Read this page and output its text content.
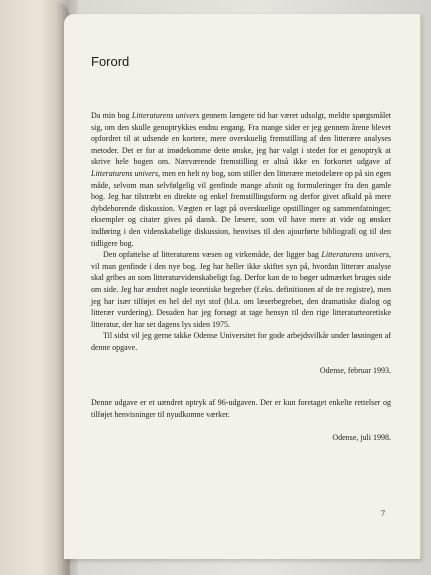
Forord

Da min bog Litteraturens univers gennem længere tid har været udsolgt, meldte spørgsmålet sig, om den skulle genoptrykkes endnu engang. Fra mange sider er jeg gennem årene blevet opfordret til at udsende en kortere, mere overskuelig fremstilling af den litterære analyses metoder. Det er for at imødekomme dette ønske, jeg har valgt i stedet for et genoptryk at skrive hele bogen om. Nærværende fremstilling er altså ikke en forkortet udgave af Litteraturens univers, men en helt ny bog, som stiller den litterære metodelære op på sin egen måde, selvom man selvfølgelig vil genfinde mange afsnit og formuleringer fra den gamle bog. Jeg har tilstræbt en direkte og enkel fremstillingsform og derfor givet afkald på mere dybdeborende diskussion. Vægten er lagt på overskuelige opstillinger og sammenfatninger; eksempler og citater gives på dansk. De læsere, som vil have mere at vide og ønsker indføring i den videnskabelige diskussion, henvises til den ajourførte bibliografi og til den tidligere bog.

Den opfattelse af litteraturens væsen og virkemåde, der ligger bag Litteraturens univers, vil man genfinde i den nye bog. Jeg har heller ikke skiftet syn på, hvordan litterær analyse skal gribes an som litteraturvidenskabeligt fag. Derfor kan de to bøger udmærket bruges side om side. Jeg har ændret nogle teoretiske begreber (f.eks. definitionen af de tre registre), men jeg har især tilføjet en hel del nyt stof (bl.a. om læserbegrebet, den dramatiske dialog og litterær vurdering). Desuden har jeg forsøgt at tage hensyn til den rige litteraturteoretiske litteratur, der har set dagens lys siden 1975.

Til sidst vil jeg gerne takke Odense Universitet for gode arbejdsvilkår under løsningen af denne opgave.

Odense, februar 1993.

Denne udgave er et uændret optryk af 96-udgaven. Der er kun foretaget enkelte rettelser og tilføjet henvisninger til nyudkomne værker.

Odense, juli 1998.

7
